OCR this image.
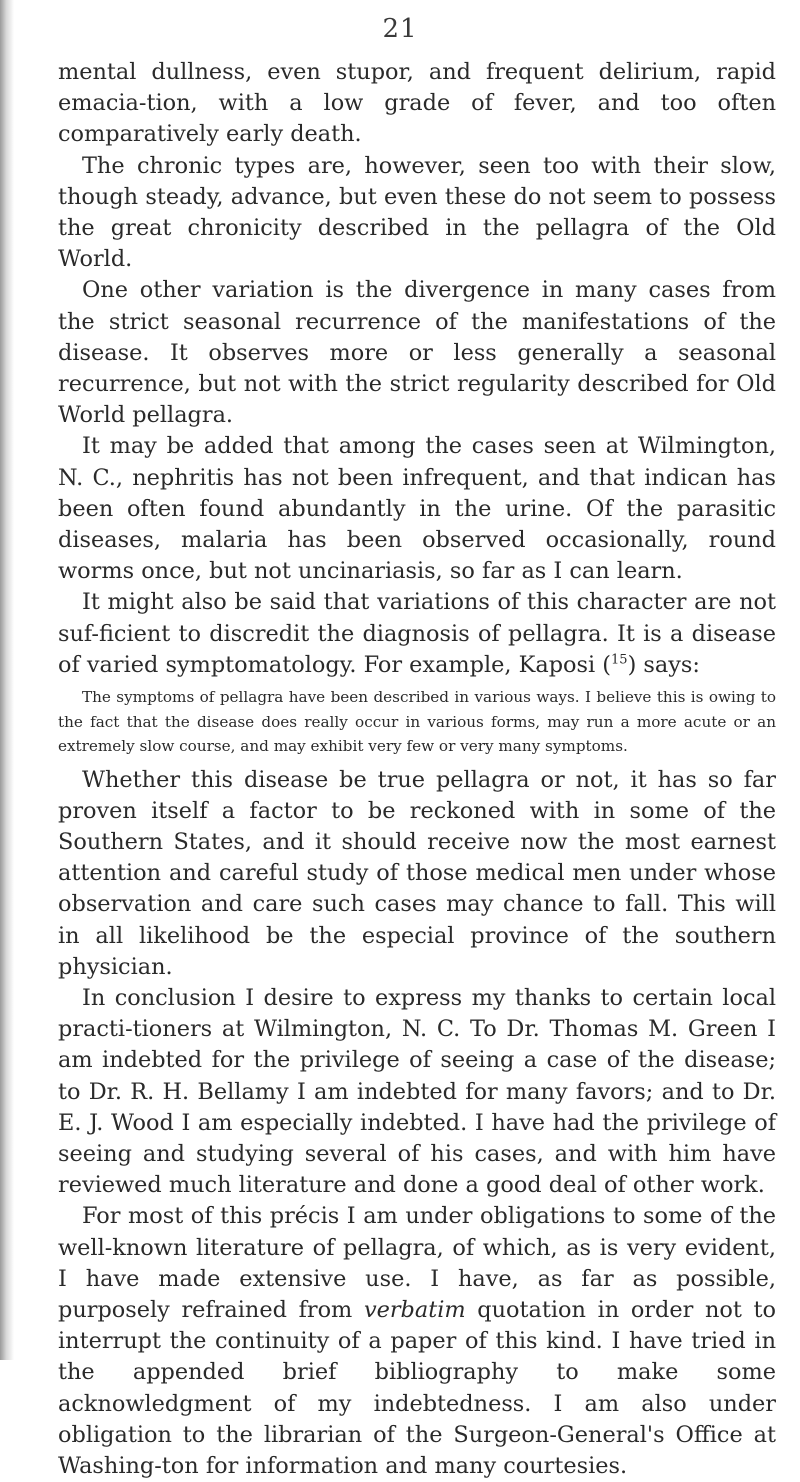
21

mental dullness, even stupor, and frequent delirium, rapid emacia-tion, with a low grade of fever, and too often comparatively early death.

The chronic types are, however, seen too with their slow, though steady, advance, but even these do not seem to possess the great chronicity described in the pellagra of the Old World.

One other variation is the divergence in many cases from the strict seasonal recurrence of the manifestations of the disease. It observes more or less generally a seasonal recurrence, but not with the strict regularity described for Old World pellagra.

It may be added that among the cases seen at Wilmington, N. C., nephritis has not been infrequent, and that indican has been often found abundantly in the urine. Of the parasitic diseases, malaria has been observed occasionally, round worms once, but not uncinariasis, so far as I can learn.

It might also be said that variations of this character are not suf-ficient to discredit the diagnosis of pellagra. It is a disease of varied symptomatology. For example, Kaposi ($^{15}$) says:

The symptoms of pellagra have been described in various ways. I believe this is owing to the fact that the disease does really occur in various forms, may run a more acute or an extremely slow course, and may exhibit very few or very many symptoms.

Whether this disease be true pellagra or not, it has so far proven itself a factor to be reckoned with in some of the Southern States, and it should receive now the most earnest attention and careful study of those medical men under whose observation and care such cases may chance to fall. This will in all likelihood be the especial province of the southern physician.

In conclusion I desire to express my thanks to certain local practi-tioners at Wilmington, N. C. To Dr. Thomas M. Green I am indebted for the privilege of seeing a case of the disease; to Dr. R. H. Bellamy I am indebted for many favors; and to Dr. E. J. Wood I am especially indebted. I have had the privilege of seeing and studying several of his cases, and with him have reviewed much literature and done a good deal of other work.

For most of this précis I am under obligations to some of the well-known literature of pellagra, of which, as is very evident, I have made extensive use. I have, as far as possible, purposely refrained from verbatim quotation in order not to interrupt the continuity of a paper of this kind. I have tried in the appended brief bibliography to make some acknowledgment of my indebtedness. I am also under obligation to the librarian of the Surgeon-General's Office at Washing-ton for information and many courtesies.
